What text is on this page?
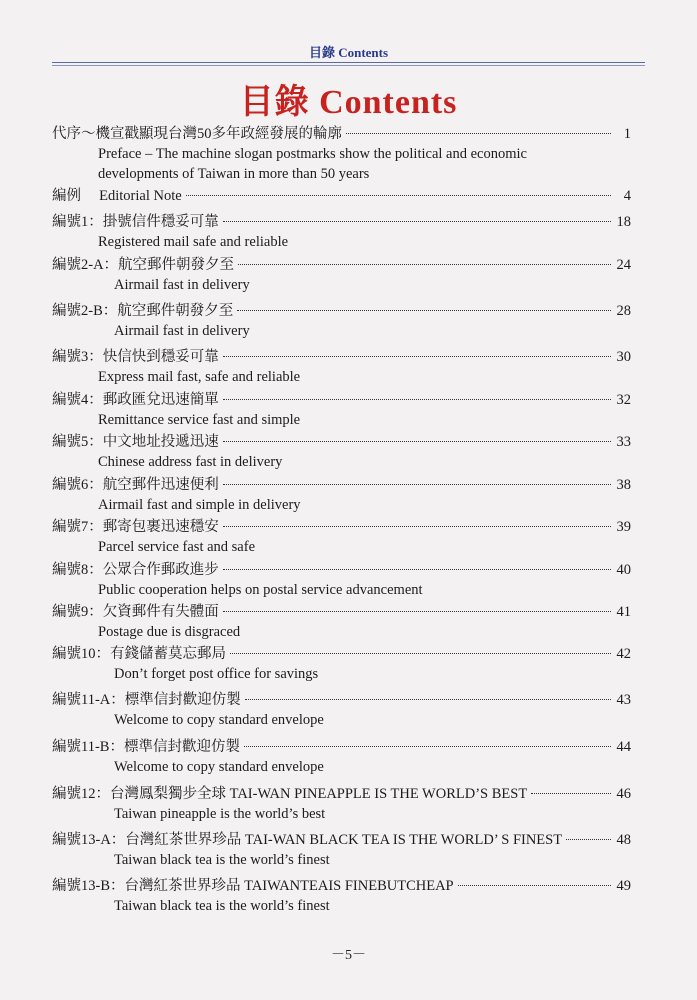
目錄 Contents
目錄 Contents
代序～機宣戳顯現台灣50多年政經發展的輪廓	1
Preface – The machine slogan postmarks show the political and economic
developments of Taiwan in more than 50 years
編例　 Editorial Note	4
編號1：掛號信件穩妥可靠	18
Registered mail safe and reliable
編號2-A：航空郵件朝發夕至	24
Airmail fast in delivery
編號2-B：航空郵件朝發夕至	28
Airmail fast in delivery
編號3：快信快到穩妥可靠	30
Express mail fast, safe and reliable
編號4：郵政匯兌迅速簡單	32
Remittance service fast and simple
編號5：中文地址投遞迅速	33
Chinese address fast in delivery
編號6：航空郵件迅速便利	38
Airmail fast and simple in delivery
編號7：郵寄包裹迅速穩安	39
Parcel service fast and safe
編號8：公眾合作郵政進步	40
Public cooperation helps on postal service advancement
編號9：欠資郵件有失體面	41
Postage due is disgraced
編號10：有錢儲蓄莫忘郵局	42
Don’t forget post office for savings
編號11-A：標準信封歡迎仿製	43
Welcome to copy standard envelope
編號11-B：標準信封歡迎仿製	44
Welcome to copy standard envelope
編號12：台灣鳳梨獨步全球 TAI-WAN PINEAPPLE IS THE WORLD’S BEST	46
Taiwan pineapple is the world’s best
編號13-A：台灣紅茶世界珍品 TAI-WAN BLACK TEA IS THE WORLD’ S FINEST	48
Taiwan black tea is the world’s finest
編號13-B：台灣紅茶世界珍品 TAIWANTEAIS FINEBUTCHEAP	49
Taiwan black tea is the world’s finest
－5－
